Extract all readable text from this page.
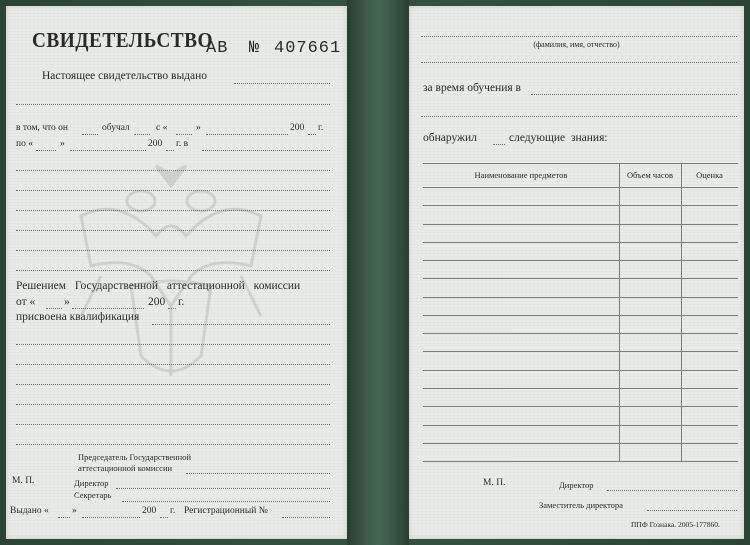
СВИДЕТЕЛЬСТВО
АВ № 407661
Настоящее свидетельство выдано
в том, что он	обучал	с «	»	200 г.
по «	»	200 г. в
Решением Государственной аттестационной комиссии
от «	»	200 г.
присвоена квалификация
Председатель Государственной
аттестационной комиссии
М. П.	Директор
Секретарь
Выдано « »	200 г. Регистрационный №
(фамилия, имя, отчество)
за время обучения в
обнаружил	следующие знания:
Наименование предметов	Объем часов	Оценка
М. П.	Директор
Заместитель директора
ППФ Гознака. 2005-177860.
